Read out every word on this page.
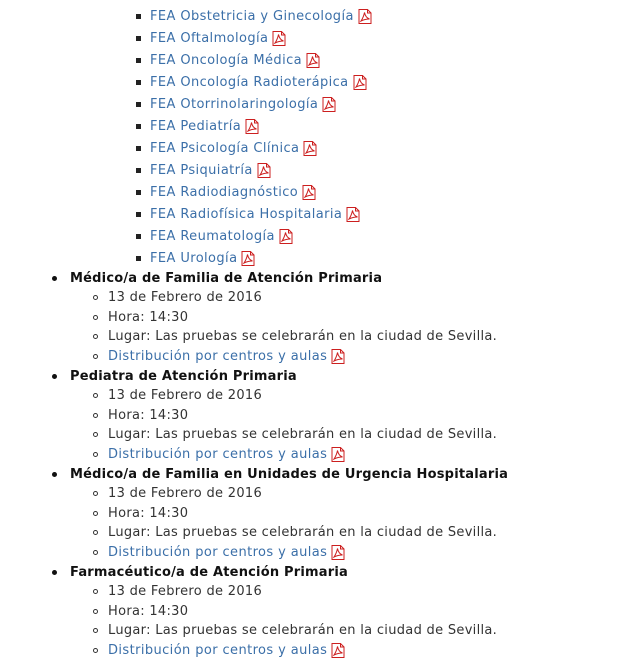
FEA Obstetricia y Ginecología
FEA Oftalmología
FEA Oncología Médica
FEA Oncología Radioterápica
FEA Otorrinolaringología
FEA Pediatría
FEA Psicología Clínica
FEA Psiquiatría
FEA Radiodiagnóstico
FEA Radiofísica Hospitalaria
FEA Reumatología
FEA Urología
Médico/a de Familia de Atención Primaria
13 de Febrero de 2016
Hora: 14:30
Lugar: Las pruebas se celebrarán en la ciudad de Sevilla.
Distribución por centros y aulas
Pediatra de Atención Primaria
13 de Febrero de 2016
Hora: 14:30
Lugar: Las pruebas se celebrarán en la ciudad de Sevilla.
Distribución por centros y aulas
Médico/a de Familia en Unidades de Urgencia Hospitalaria
13 de Febrero de 2016
Hora: 14:30
Lugar: Las pruebas se celebrarán en la ciudad de Sevilla.
Distribución por centros y aulas
Farmacéutico/a de Atención Primaria
13 de Febrero de 2016
Hora: 14:30
Lugar: Las pruebas se celebrarán en la ciudad de Sevilla.
Distribución por centros y aulas
